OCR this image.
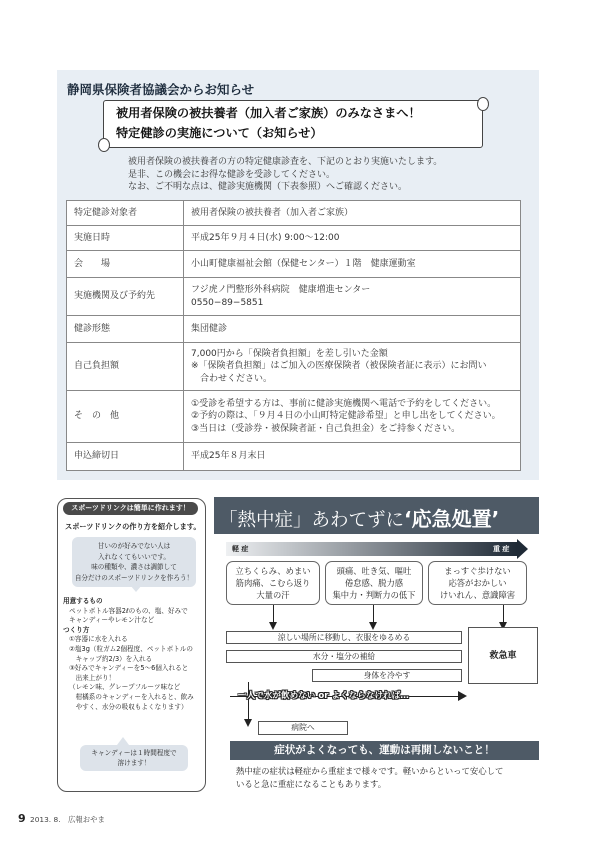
静岡県保険者協議会からお知らせ
被用者保険の被扶養者（加入者ご家族）のみなさまへ！
特定健診の実施について（お知らせ）
被用者保険の被扶養者の方の特定健康診査を、下記のとおり実施いたします。
是非、この機会にお得な健診を受診してください。
なお、ご不明な点は、健診実施機関（下表参照）へご確認ください。
特定健診対象者	被用者保険の被扶養者（加入者ご家族）

実施日時	平成25年９月４日(水) 9:00～12:00

会　　場	小山町健康福祉会館（保健センター）１階　健康運動室

実施機関及び予約先	フジ虎ノ門整形外科病院　健康増進センター
0550−89−5851

健診形態	集団健診

自己負担額	7,000円から「保険者負担額」を差し引いた金額
※「保険者負担額」はご加入の医療保険者（被保険者証に表示）にお問い
　合わせください。

そ　の　他	①受診を希望する方は、事前に健診実施機関へ電話で予約をしてください。
②予約の際は、「９月４日の小山町特定健診希望」と申し出をしてください。
③当日は（受診券・被保険者証・自己負担金）をご持参ください。

申込締切日	平成25年８月末日
スポーツドリンクは簡単に作れます！
スポーツドリンクの作り方を紹介します。
甘いのが好みでない人は
入れなくてもいいです。
味の種類や、濃さは調節して
自分だけのスポーツドリンクを作ろう！
用意するもの
ペットボトル容器2ℓのもの、塩、好みで
キャンディーやレモン汁など
つくり方
①容器に水を入れる
②塩3g（粒ガム2個程度、ペットボトルの
　キャップ約2/3）を入れる
③好みでキャンディーを5～6個入れると
　出来上がり！
（レモン味、グレープフルーツ味など
　柑橘系のキャンディーを入れると、飲み
　やすく、水分の吸収もよくなります）
キャンディーは１時間程度で
溶けます！
「熱中症」あわてずに‘応急処置’
軽 症	重 症
立ちくらみ、めまい
筋肉痛、こむら返り
大量の汗
頭痛、吐き気、嘔吐
倦怠感、脱力感
集中力・判断力の低下
まっすぐ歩けない
応答がおかしい
けいれん、意識障害
涼しい場所に移動し、衣服をゆるめる
水分・塩分の補給
身体を冷やす
救急車
一人で水が飲めない or よくならなければ…
病院へ
症状がよくなっても、運動は再開しないこと！
熱中症の症状は軽症から重症まで様々です。軽いからといって安心して
いると急に重症になることもあります。
9 2013. 8.　広報おやま
